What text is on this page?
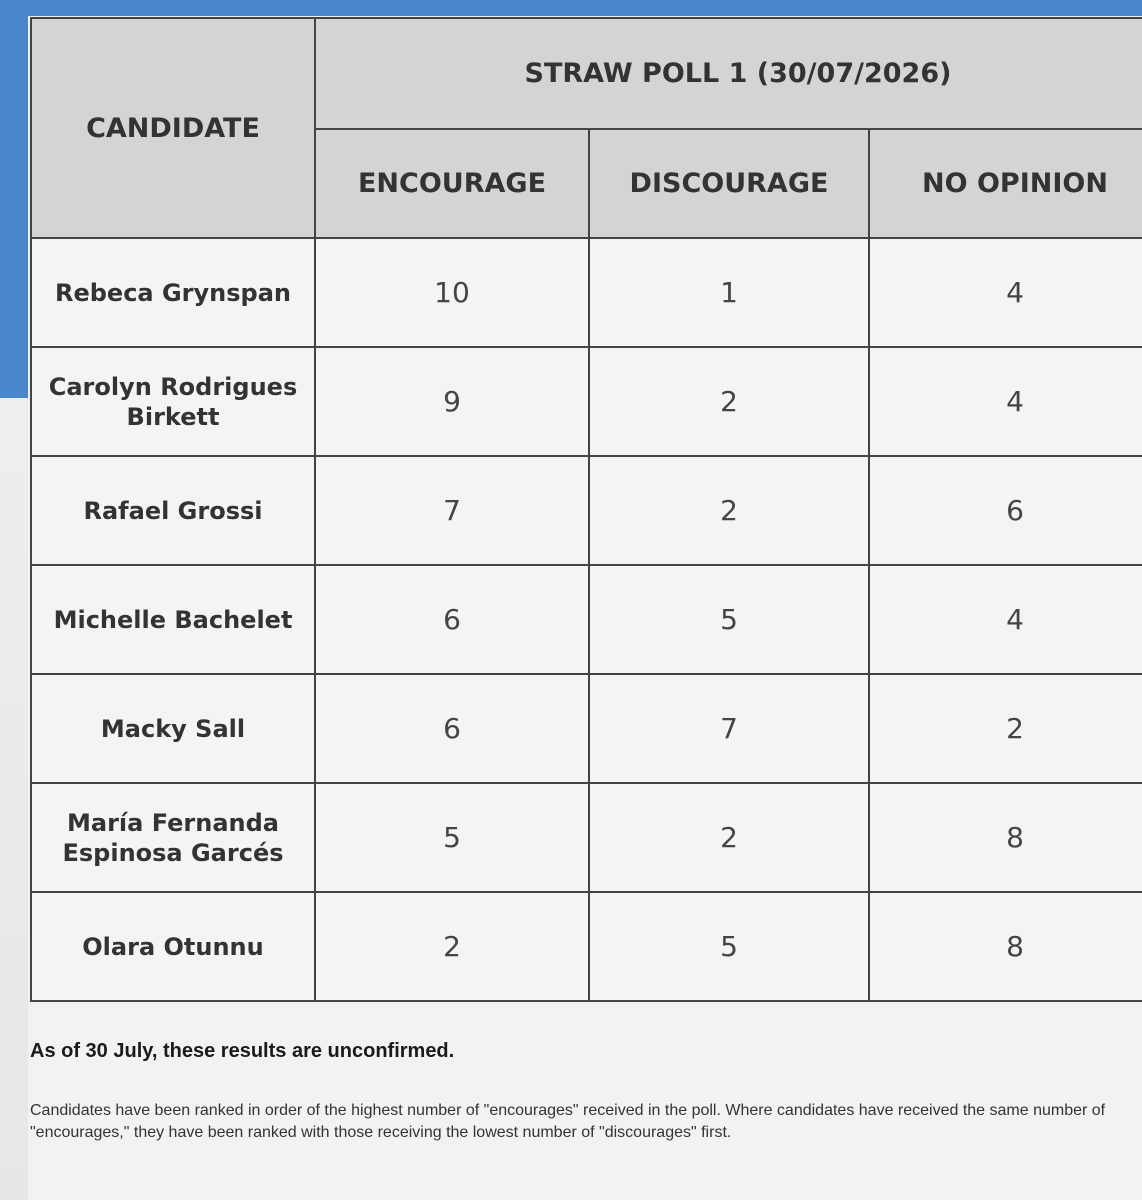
CANDIDATE	STRAW POLL 1 (30/07/2026)		
	ENCOURAGE	DISCOURAGE	NO OPINION
Rebeca Grynspan	10	1	4
Carolyn Rodrigues Birkett	9	2	4
Rafael Grossi	7	2	6
Michelle Bachelet	6	5	4
Macky Sall	6	7	2
María Fernanda Espinosa Garcés	5	2	8
Olara Otunnu	2	5	8
As of 30 July, these results are unconfirmed.
Candidates have been ranked in order of the highest number of "encourages" received in the poll. Where candidates have received the same number of "encourages," they have been ranked with those receiving the lowest number of "discourages" first.
